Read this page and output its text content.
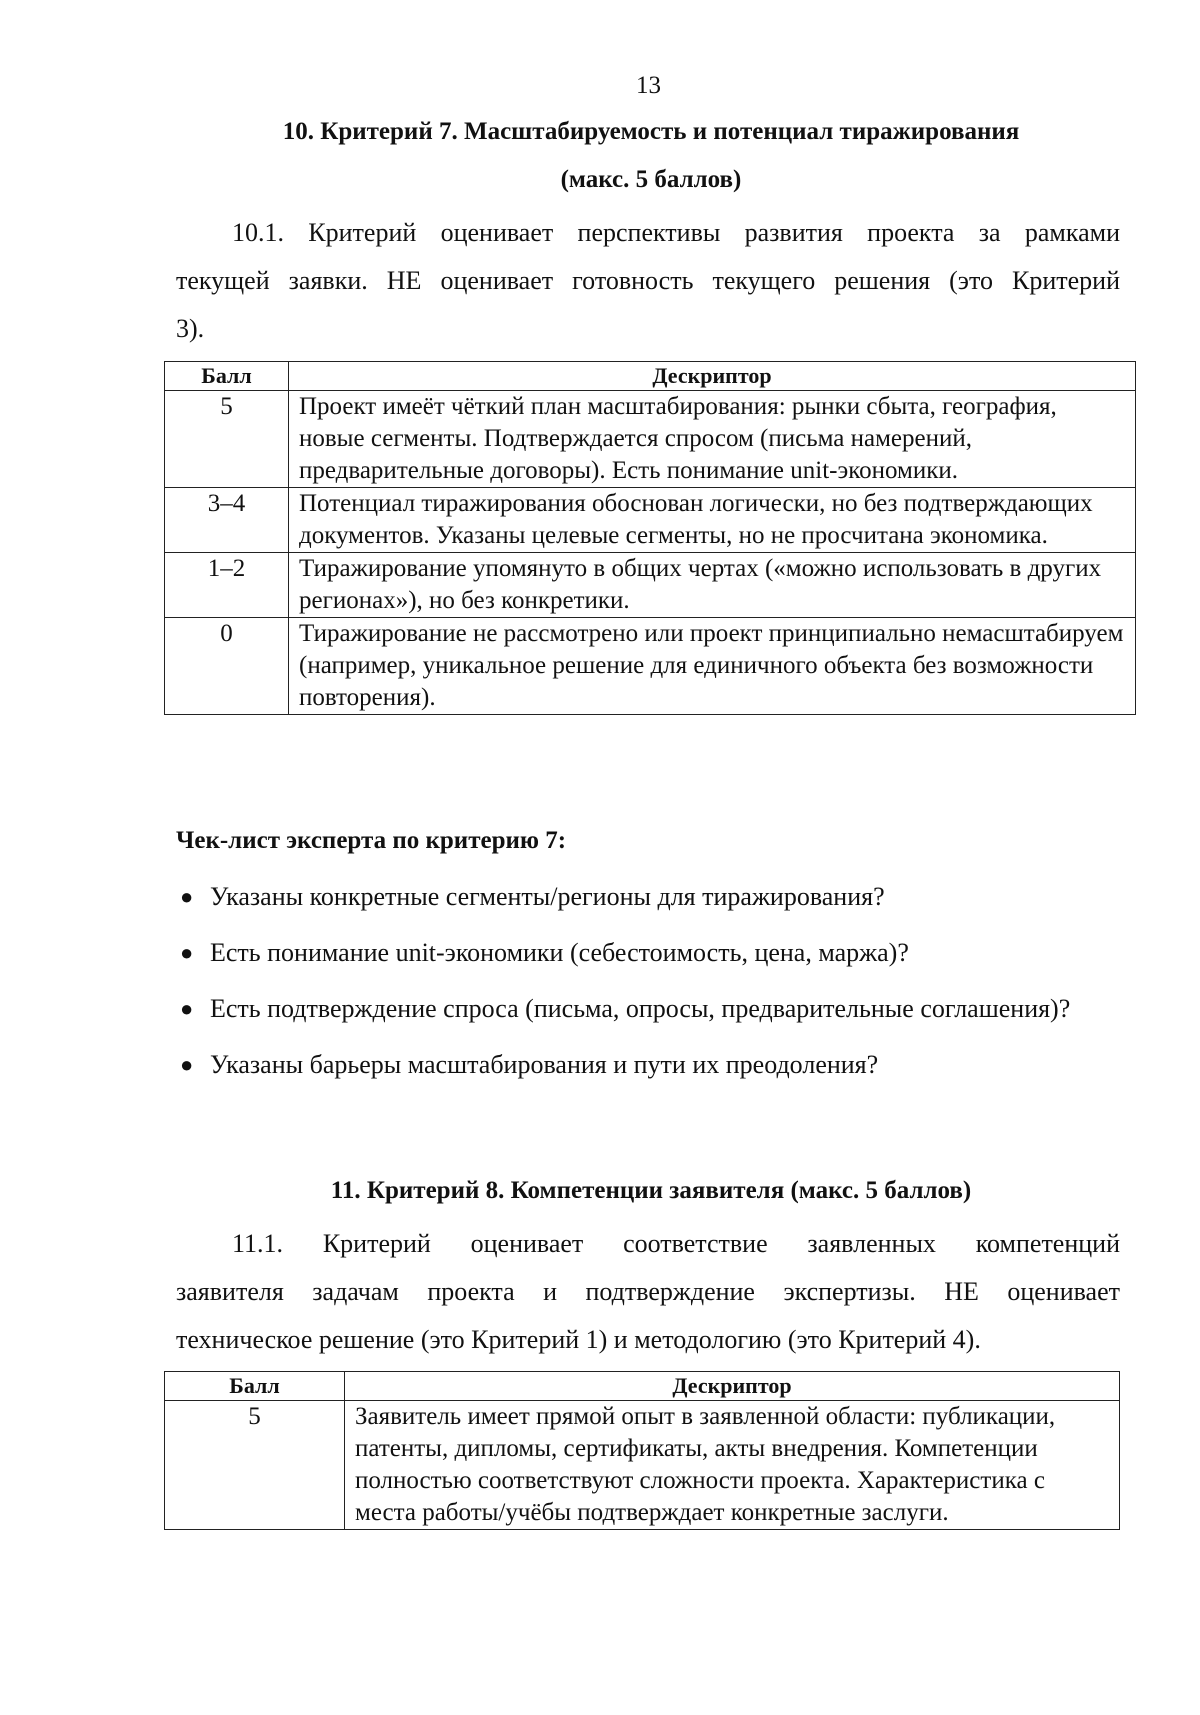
13
10. Критерий 7. Масштабируемость и потенциал тиражирования
(макс. 5 баллов)
10.1. Критерий оценивает перспективы развития проекта за рамками
текущей заявки. НЕ оценивает готовность текущего решения (это Критерий
3).
Балл	Дескриптор
5	Проект имеёт чёткий план масштабирования: рынки сбыта, география, новые сегменты. Подтверждается спросом (письма намерений, предварительные договоры). Есть понимание unit-экономики.
3–4	Потенциал тиражирования обоснован логически, но без подтверждающих документов. Указаны целевые сегменты, но не просчитана экономика.
1–2	Тиражирование упомянуто в общих чертах («можно использовать в других регионах»), но без конкретики.
0	Тиражирование не рассмотрено или проект принципиально немасштабируем (например, уникальное решение для единичного объекта без возможности повторения).
Чек-лист эксперта по критерию 7:
● Указаны конкретные сегменты/регионы для тиражирования?
● Есть понимание unit-экономики (себестоимость, цена, маржа)?
● Есть подтверждение спроса (письма, опросы, предварительные соглашения)?
● Указаны барьеры масштабирования и пути их преодоления?
11. Критерий 8. Компетенции заявителя (макс. 5 баллов)
11.1. Критерий оценивает соответствие заявленных компетенций
заявителя задачам проекта и подтверждение экспертизы. НЕ оценивает
техническое решение (это Критерий 1) и методологию (это Критерий 4).
Балл	Дескриптор
5	Заявитель имеет прямой опыт в заявленной области: публикации, патенты, дипломы, сертификаты, акты внедрения. Компетенции полностью соответствуют сложности проекта. Характеристика с места работы/учёбы подтверждает конкретные заслуги.
